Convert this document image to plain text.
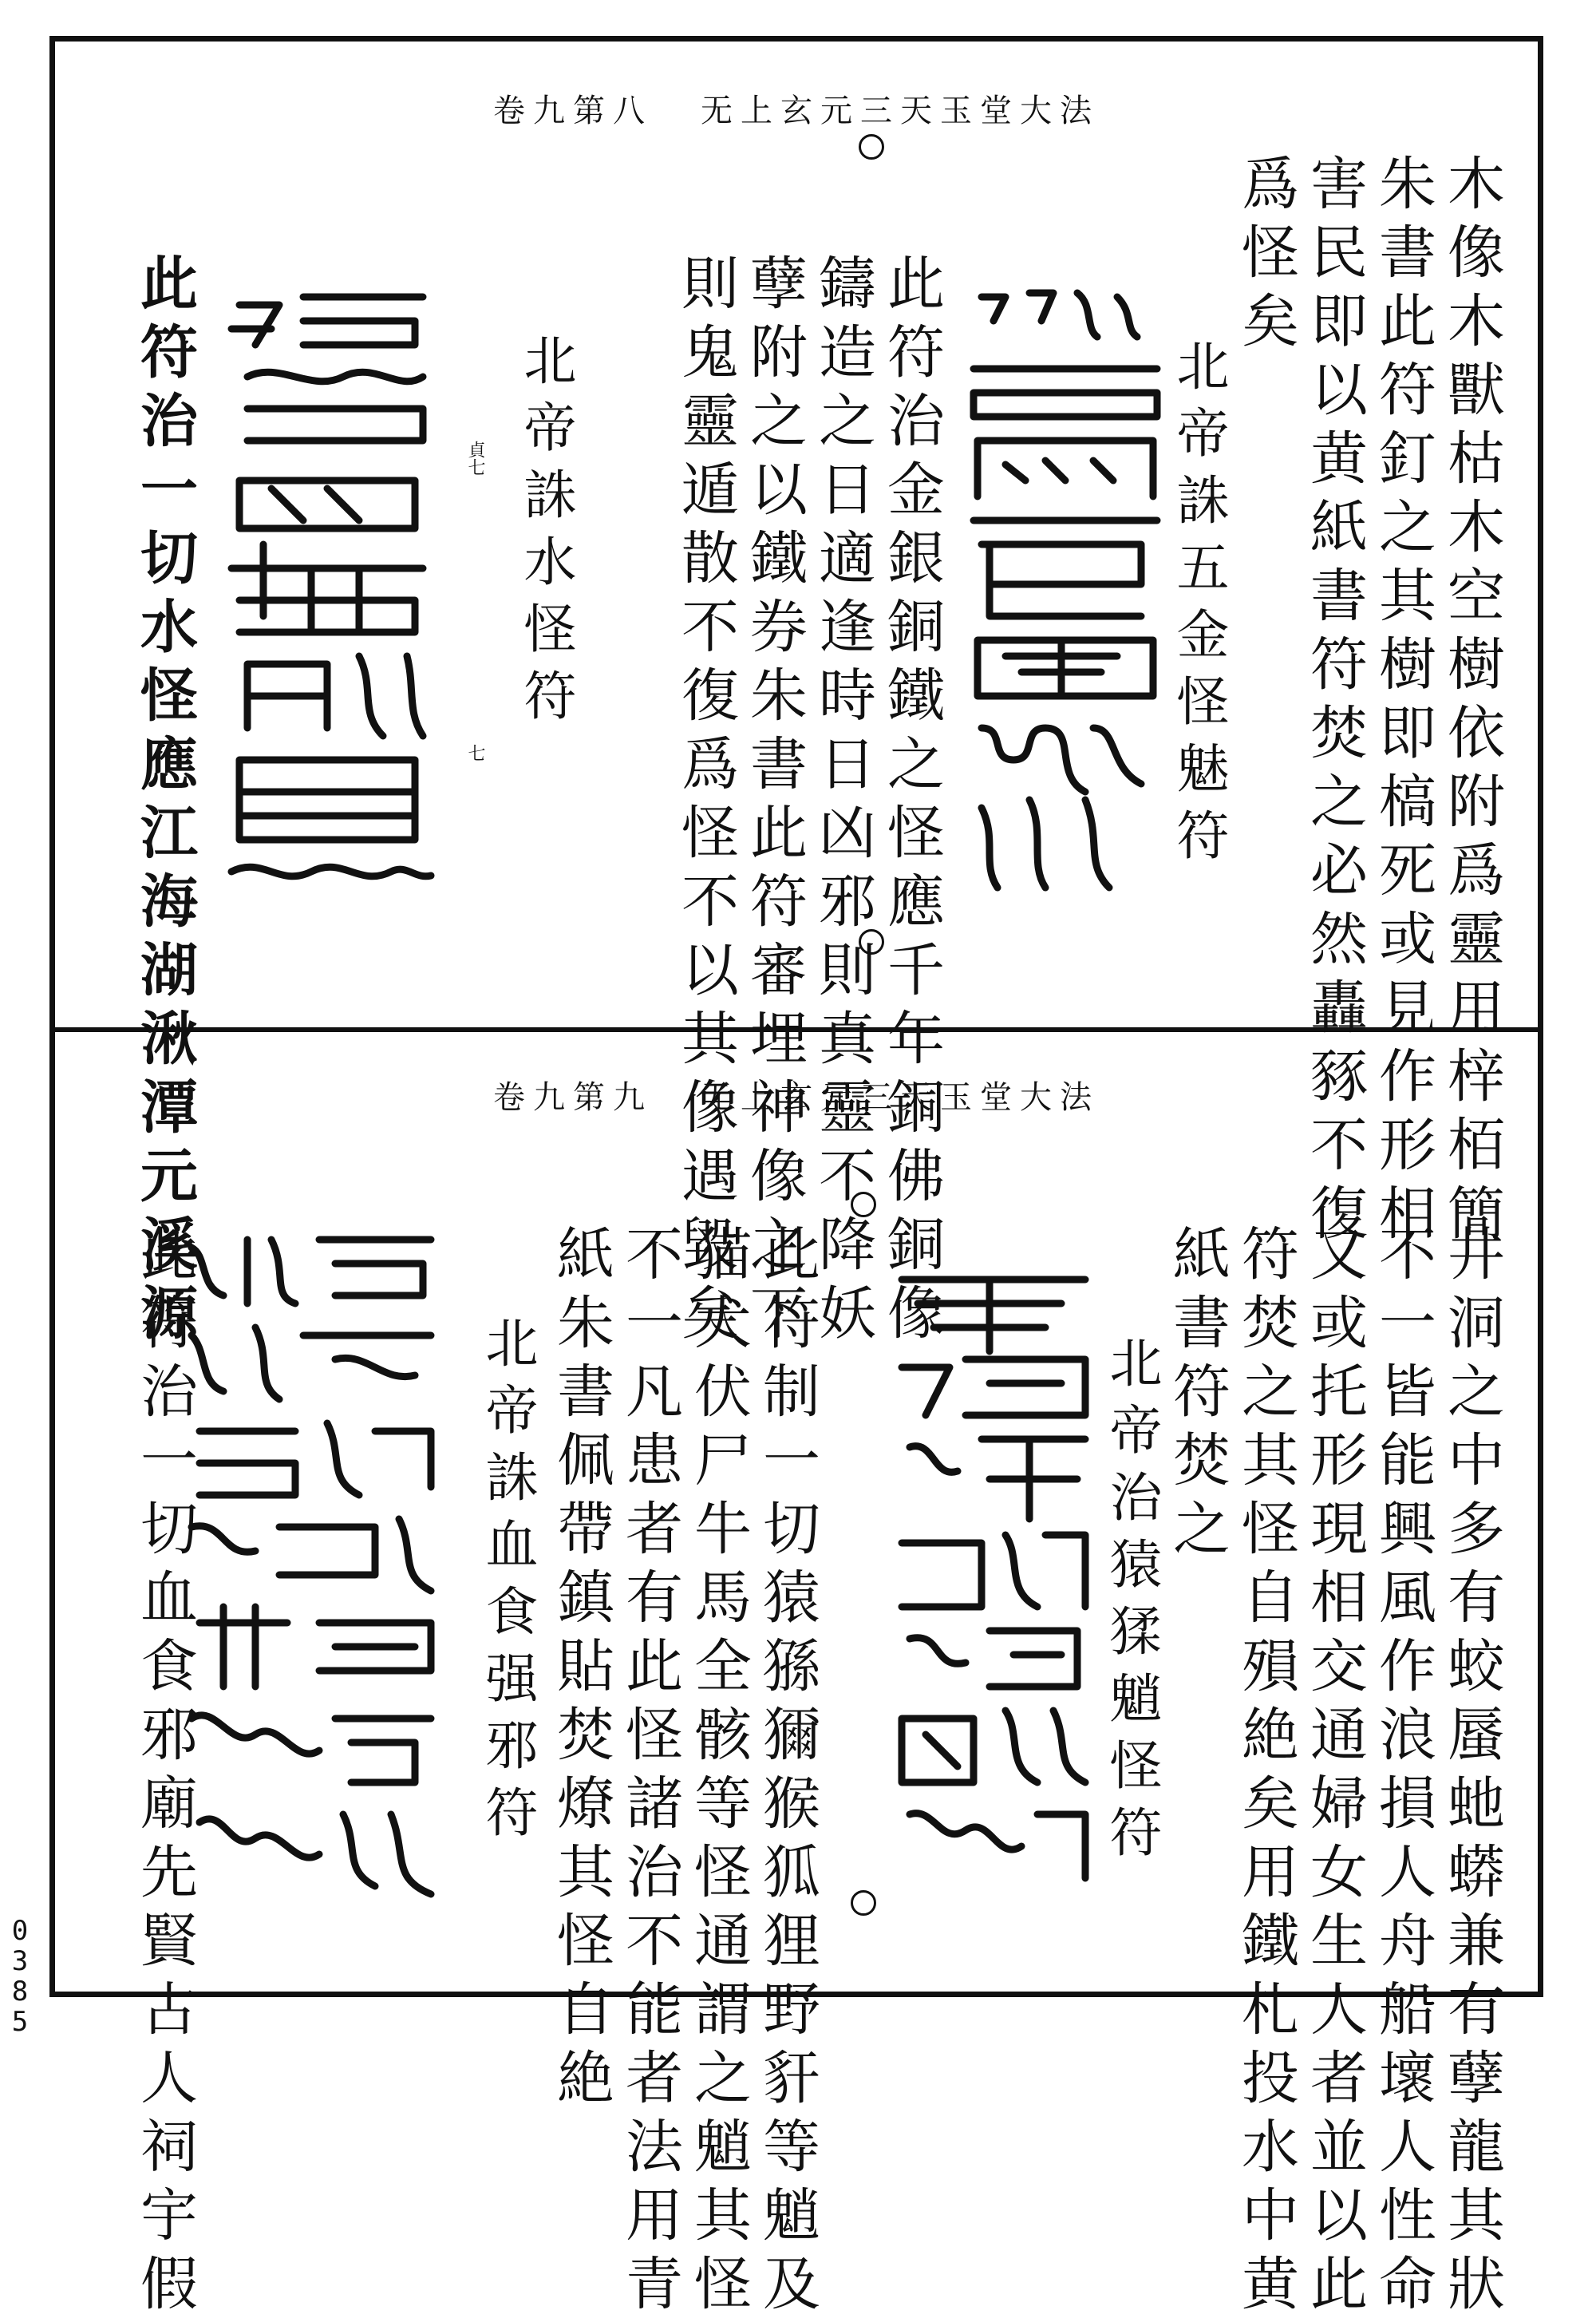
卷九第八 无上玄元三天玉堂大法
木像木獸枯木空樹依附爲靈用梓栢簡
朱書此符釘之其樹即槁死或見作形相
害民即以黄紙書符焚之必然轟豩不復
爲怪矣
北帝誅五金怪魅符
此符治金銀銅鐵之怪應千年銅佛銅像
鑄造之日適逢時日凶邪則真靈不降妖
孽附之以鐵券朱書此符審埋神像之下
則鬼靈遁散不復爲怪不以其像遇毀矣
北帝誅水怪符
貞七
七
此符治一切水怪應江海湖湫潭元溪源	卷九第九 无上玄元三天玉堂大法
井洞之中多有蛟蜃虵蟒兼有孽龍其狀
不一皆能興風作浪損人舟船壞人性命
又或托形現相交通婦女生人者並以此
符焚之其怪自殞絶矣用鐵札投水中黄
紙書符焚之
北帝治猿猱魈怪符
此符制一切猿猻獮猴狐狸野豻等魈及
猫犬伏尸牛馬全骸等怪通謂之魈其怪
不一凡患者有此怪諸治不能者法用青
紙朱書佩帶鎮貼焚燎其怪自絶
北帝誅血食强邪符
此符治一切血食邪廟先賢古人祠宇假
0
3
8
5
